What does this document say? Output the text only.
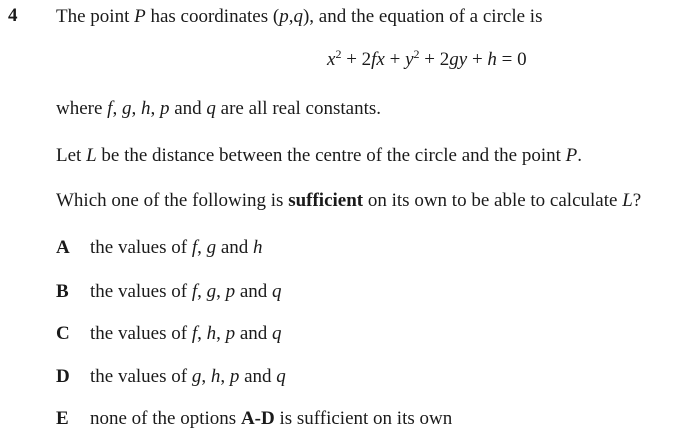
4 The point P has coordinates (p,q), and the equation of a circle is
$x^2 + 2fx + y^2 + 2gy + h = 0$
where f, g, h, p and q are all real constants.
Let L be the distance between the centre of the circle and the point P.
Which one of the following is sufficient on its own to be able to calculate L?
A	the values of f, g and h
B	the values of f, g, p and q
C	the values of f, h, p and q
D	the values of g, h, p and q
E	none of the options A-D is sufficient on its own
